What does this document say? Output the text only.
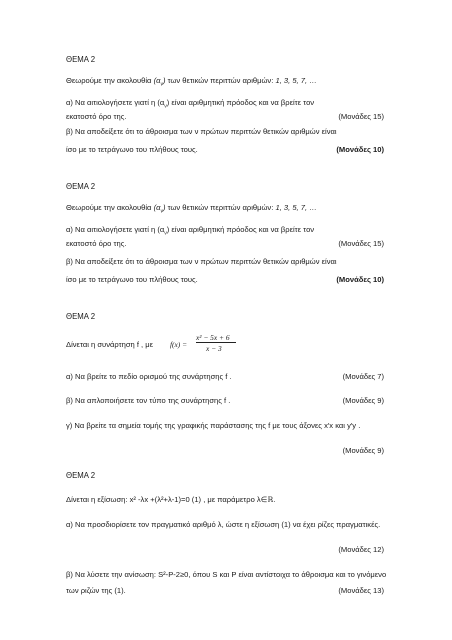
ΘΕΜΑ 2
Θεωρούμε την ακολουθία $(\alpha_\nu)$ των θετικών περιττών αριθμών: 1, 3, 5, 7, …
α) Να αιτιολογήσετε γιατί η $(\alpha_\nu)$ είναι αριθμητική πρόοδος και να βρείτε τον
εκατοστό όρο της.	(Μονάδες 15)
β) Να αποδείξετε ότι το άθροισμα των ν πρώτων περιττών θετικών αριθμών είναι
ίσο με το τετράγωνο του πλήθους τους.	(Μονάδες 10)
ΘΕΜΑ 2
Θεωρούμε την ακολουθία $(\alpha_\nu)$ των θετικών περιττών αριθμών: 1, 3, 5, 7, …
α) Να αιτιολογήσετε γιατί η $(\alpha_\nu)$ είναι αριθμητική πρόοδος και να βρείτε τον
εκατοστό όρο της.	(Μονάδες 15)
β) Να αποδείξετε ότι το άθροισμα των ν πρώτων περιττών θετικών αριθμών είναι
ίσο με το τετράγωνο του πλήθους τους.	(Μονάδες 10)
ΘΕΜΑ 2
Δίνεται η συνάρτηση f , με	f(x) =
x² − 5x + 6
x − 3
α) Να βρείτε το πεδίο ορισμού της συνάρτησης f .	(Μονάδες 7)
β) Να απλοποιήσετε τον τύπο της συνάρτησης f .	(Μονάδες 9)
γ) Να βρείτε τα σημεία τομής της γραφικής παράστασης της f με τους άξονες x′x και y′y .
(Μονάδες 9)
ΘΕΜΑ 2
Δίνεται η εξίσωση: x² -λx +(λ²+λ-1)=0 (1) , με παράμετρο λ∈ℝ.
α) Να προσδιορίσετε τον πραγματικό αριθμό λ, ώστε η εξίσωση (1) να έχει ρίζες πραγματικές.
(Μονάδες 12)
β) Να λύσετε την ανίσωση: S²-P-2≥0, όπου S και P είναι αντίστοιχα το άθροισμα και το γινόμενο
των ριζών της (1).	(Μονάδες 13)
